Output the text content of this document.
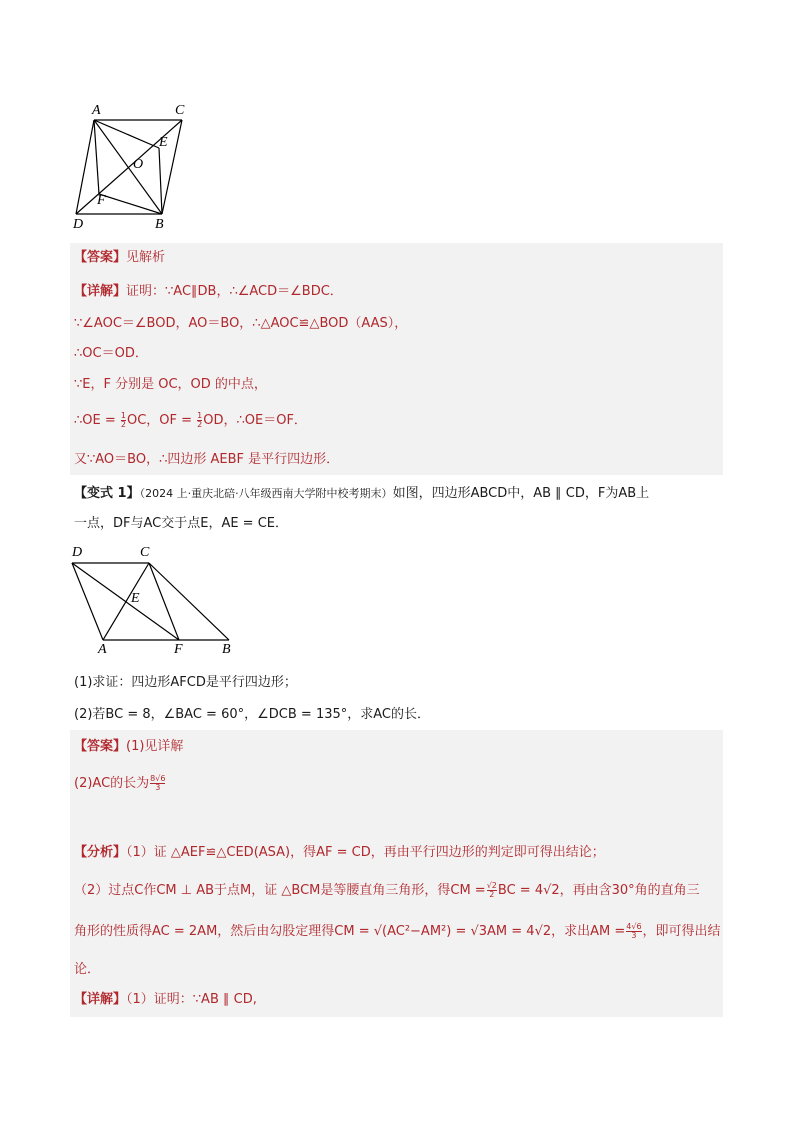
A	C
E
O
F
D	B
【答案】见解析
【详解】证明：∵AC∥DB，∴∠ACD＝∠BDC．
∵∠AOC＝∠BOD，AO＝BO，∴△AOC≌△BOD（AAS），
∴OC＝OD．
∵E，F 分别是 OC，OD 的中点，
∴OE = $\frac{1}{2}$ OC，OF = $\frac{1}{2}$ OD，∴OE＝OF．
又∵AO＝BO，∴四边形 AEBF 是平行四边形．
【变式 1】（2024 上·重庆北碚·八年级西南大学附中校考期末）如图，四边形ABCD中，AB ∥ CD，F为AB上
一点，DF与AC交于点E，AE = CE．
D	C
E
A	F	B
(1)求证：四边形AFCD是平行四边形；
(2)若BC = 8，∠BAC = 60°，∠DCB = 135°，求AC的长．
【答案】(1)见详解
(2)AC的长为 $\frac{8√6}{3}$
【分析】（1）证 △AEF≌△CED(ASA)，得AF = CD，再由平行四边形的判定即可得出结论；
（2）过点C作CM ⊥ AB于点M，证 △BCM是等腰直角三角形，得CM = $\frac{√2}{2}$ BC = 4√2，再由含30°角的直角三
角形的性质得AC = 2AM，然后由勾股定理得CM = √(AC²−AM²) = √3AM = 4√2，求出AM = $\frac{4√6}{3}$ ，即可得出结
论．
【详解】（1）证明：∵AB ∥ CD,
